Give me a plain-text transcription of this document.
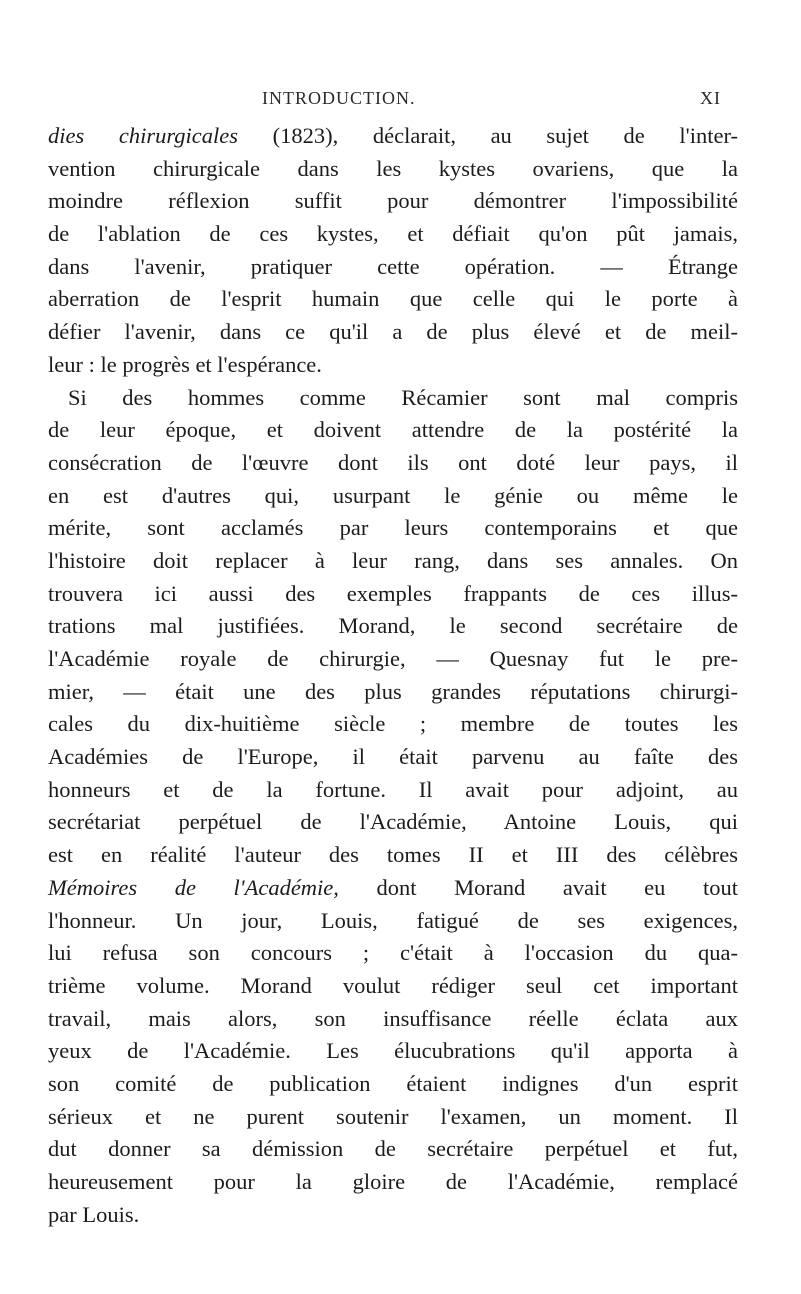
INTRODUCTION.	XI
dies chirurgicales (1823), déclarait, au sujet de l'inter-
vention chirurgicale dans les kystes ovariens, que la
moindre réflexion suffit pour démontrer l'impossibilité
de l'ablation de ces kystes, et défiait qu'on pût jamais,
dans l'avenir, pratiquer cette opération. — Étrange
aberration de l'esprit humain que celle qui le porte à
défier l'avenir, dans ce qu'il a de plus élevé et de meil-
leur : le progrès et l'espérance.
Si des hommes comme Récamier sont mal compris
de leur époque, et doivent attendre de la postérité la
consécration de l'œuvre dont ils ont doté leur pays, il
en est d'autres qui, usurpant le génie ou même le
mérite, sont acclamés par leurs contemporains et que
l'histoire doit replacer à leur rang, dans ses annales. On
trouvera ici aussi des exemples frappants de ces illus-
trations mal justifiées. Morand, le second secrétaire de
l'Académie royale de chirurgie, — Quesnay fut le pre-
mier, — était une des plus grandes réputations chirurgi-
cales du dix-huitième siècle ; membre de toutes les
Académies de l'Europe, il était parvenu au faîte des
honneurs et de la fortune. Il avait pour adjoint, au
secrétariat perpétuel de l'Académie, Antoine Louis, qui
est en réalité l'auteur des tomes II et III des célèbres
Mémoires de l'Académie, dont Morand avait eu tout
l'honneur. Un jour, Louis, fatigué de ses exigences,
lui refusa son concours ; c'était à l'occasion du qua-
trième volume. Morand voulut rédiger seul cet important
travail, mais alors, son insuffisance réelle éclata aux
yeux de l'Académie. Les élucubrations qu'il apporta à
son comité de publication étaient indignes d'un esprit
sérieux et ne purent soutenir l'examen, un moment. Il
dut donner sa démission de secrétaire perpétuel et fut,
heureusement pour la gloire de l'Académie, remplacé
par Louis.
